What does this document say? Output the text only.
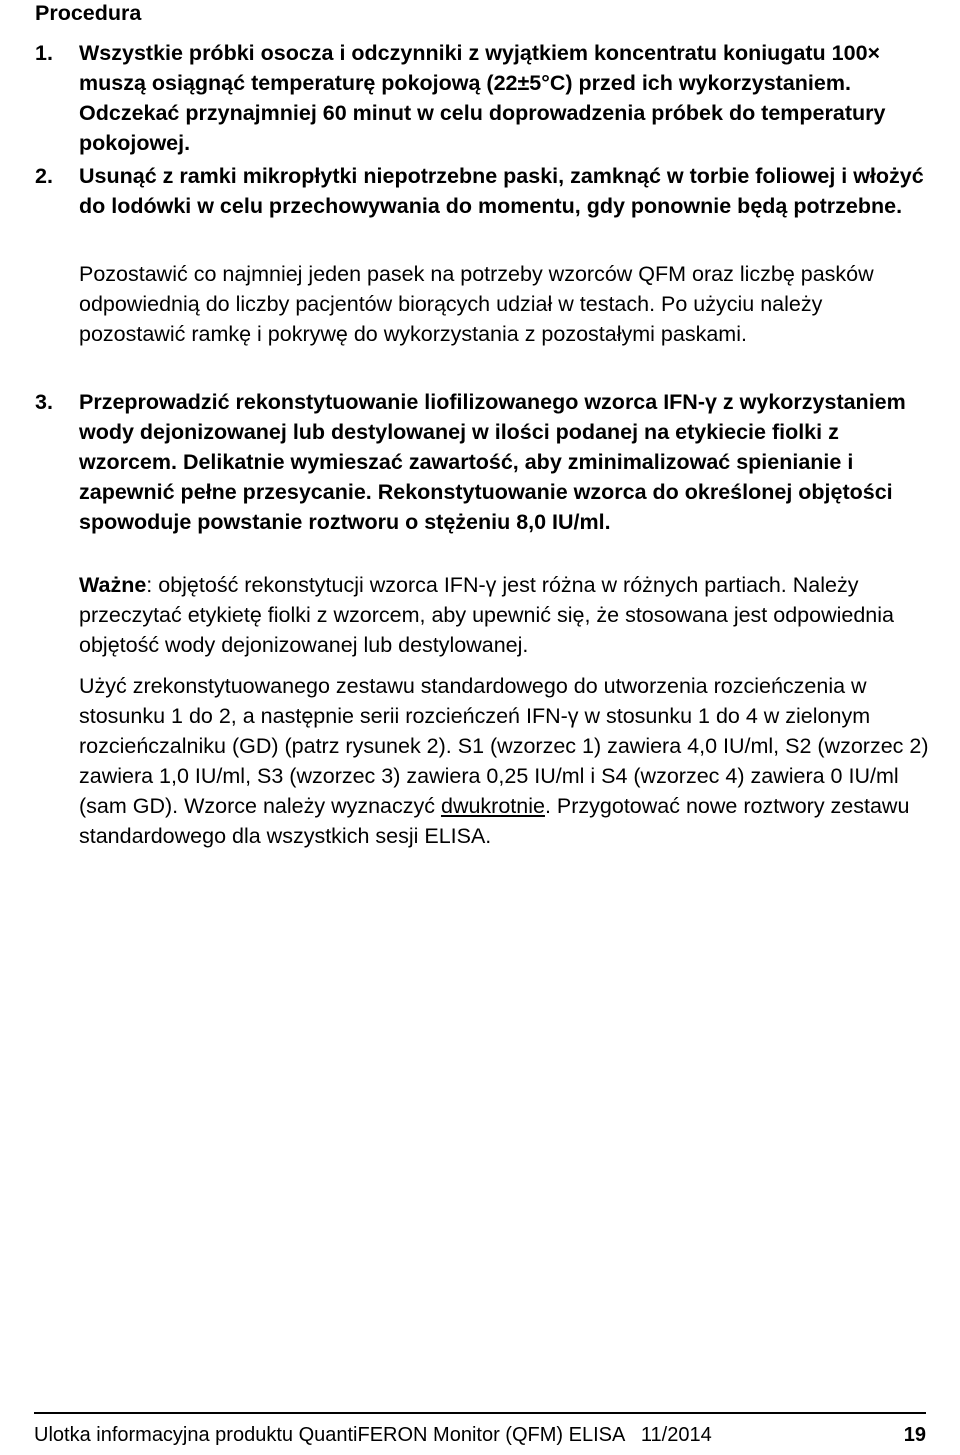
Procedura
1. Wszystkie próbki osocza i odczynniki z wyjątkiem koncentratu koniugatu 100× muszą osiągnąć temperaturę pokojową (22±5°C) przed ich wykorzystaniem. Odczekać przynajmniej 60 minut w celu doprowadzenia próbek do temperatury pokojowej.

2. Usunąć z ramki mikropłytki niepotrzebne paski, zamknąć w torbie foliowej i włożyć do lodówki w celu przechowywania do momentu, gdy ponownie będą potrzebne.

Pozostawić co najmniej jeden pasek na potrzeby wzorców QFM oraz liczbę pasków odpowiednią do liczby pacjentów biorących udział w testach. Po użyciu należy pozostawić ramkę i pokrywę do wykorzystania z pozostałymi paskami.

3. Przeprowadzić rekonstytuowanie liofilizowanego wzorca IFN-γ z wykorzystaniem wody dejonizowanej lub destylowanej w ilości podanej na etykiecie fiolki z wzorcem. Delikatnie wymieszać zawartość, aby zminimalizować spienianie i zapewnić pełne przesycanie. Rekonstytuowanie wzorca do określonej objętości spowoduje powstanie roztworu o stężeniu 8,0 IU/ml.

Ważne: objętość rekonstytucji wzorca IFN-γ jest różna w różnych partiach. Należy przeczytać etykietę fiolki z wzorcem, aby upewnić się, że stosowana jest odpowiednia objętość wody dejonizowanej lub destylowanej.

Użyć zrekonstytuowanego zestawu standardowego do utworzenia rozcieńczenia w stosunku 1 do 2, a następnie serii rozcieńczeń IFN-γ w stosunku 1 do 4 w zielonym rozcieńczalniku (GD) (patrz rysunek 2). S1 (wzorzec 1) zawiera 4,0 IU/ml, S2 (wzorzec 2) zawiera 1,0 IU/ml, S3 (wzorzec 3) zawiera 0,25 IU/ml i S4 (wzorzec 4) zawiera 0 IU/ml (sam GD). Wzorce należy wyznaczyć dwukrotnie. Przygotować nowe roztwory zestawu standardowego dla wszystkich sesji ELISA.

Ulotka informacyjna produktu QuantiFERON Monitor (QFM) ELISA   11/2014	19
